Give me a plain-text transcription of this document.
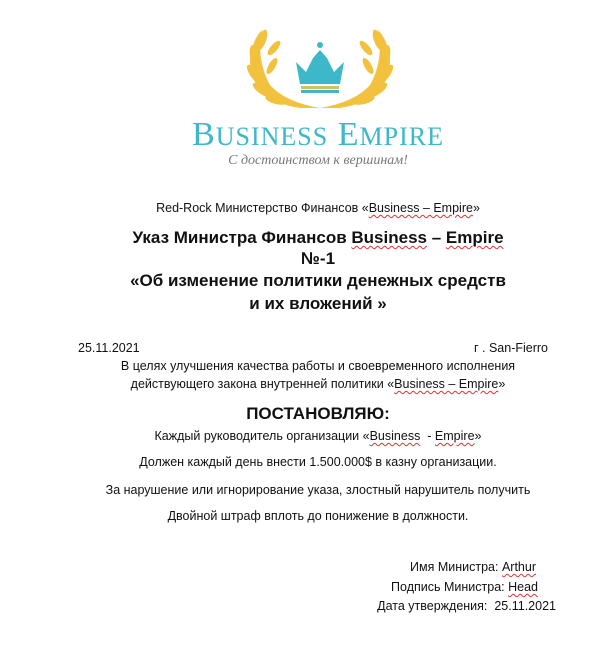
BUSINESS EMPIRE
С достоинством к вершинам!
Red-Rock Министерство Финансов «Business – Empire»
Указ Министра Финансов Business – Empire
№-1
«Об изменение политики денежных средств
и их вложений »
25.11.2021	г . San-Fierro
В целях улучшения качества работы и своевременного исполнения
действующего закона внутренней политики «Business – Empire»
ПОСТАНОВЛЯЮ:
Каждый руководитель организации «Business  - Empire»
Должен каждый день внести 1.500.000$ в казну организации.
За нарушение или игнорирование указа, злостный нарушитель получить
Двойной штраф вплоть до понижение в должности.
Имя Министра: Arthur
Подпись Министра: Head
Дата утверждения:  25.11.2021
